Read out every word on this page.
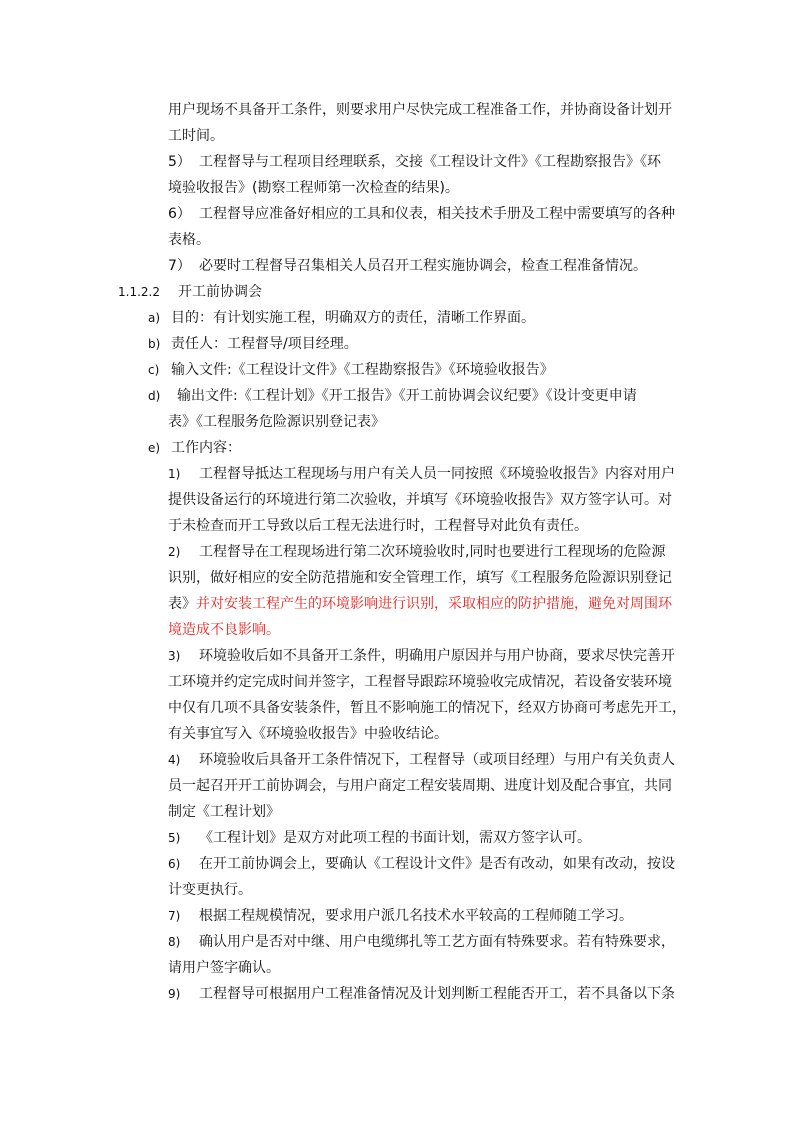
用户现场不具备开工条件，则要求用户尽快完成工程准备工作，并协商设备计划开
工时间。
5） 工程督导与工程项目经理联系，交接《工程设计文件》《工程勘察报告》《环
境验收报告》(勘察工程师第一次检查的结果)。
6） 工程督导应准备好相应的工具和仪表，相关技术手册及工程中需要填写的各种
表格。
7） 必要时工程督导召集相关人员召开工程实施协调会，检查工程准备情况。
1.1.2.2 开工前协调会
a) 目的：有计划实施工程，明确双方的责任，清晰工作界面。
b) 责任人：工程督导/项目经理。
c) 输入文件:《工程设计文件》《工程勘察报告》《环境验收报告》
d) 输出文件:《工程计划》《开工报告》《开工前协调会议纪要》《设计变更申请
表》《工程服务危险源识别登记表》
e) 工作内容：
1) 工程督导抵达工程现场与用户有关人员一同按照《环境验收报告》内容对用户
提供设备运行的环境进行第二次验收，并填写《环境验收报告》双方签字认可。对
于未检查而开工导致以后工程无法进行时，工程督导对此负有责任。
2) 工程督导在工程现场进行第二次环境验收时,同时也要进行工程现场的危险源
识别，做好相应的安全防范措施和安全管理工作，填写《工程服务危险源识别登记
表》并对安装工程产生的环境影响进行识别，采取相应的防护措施，避免对周围环
境造成不良影响。
3) 环境验收后如不具备开工条件，明确用户原因并与用户协商，要求尽快完善开
工环境并约定完成时间并签字，工程督导跟踪环境验收完成情况，若设备安装环境
中仅有几项不具备安装条件，暂且不影响施工的情况下，经双方协商可考虑先开工，
有关事宜写入《环境验收报告》中验收结论。
4) 环境验收后具备开工条件情况下，工程督导（或项目经理）与用户有关负责人
员一起召开开工前协调会，与用户商定工程安装周期、进度计划及配合事宜，共同
制定《工程计划》
5) 《工程计划》是双方对此项工程的书面计划，需双方签字认可。
6) 在开工前协调会上，要确认《工程设计文件》是否有改动，如果有改动，按设
计变更执行。
7) 根据工程规模情况，要求用户派几名技术水平较高的工程师随工学习。
8) 确认用户是否对中继、用户电缆绑扎等工艺方面有特殊要求。若有特殊要求，
请用户签字确认。
9) 工程督导可根据用户工程准备情况及计划判断工程能否开工，若不具备以下条
